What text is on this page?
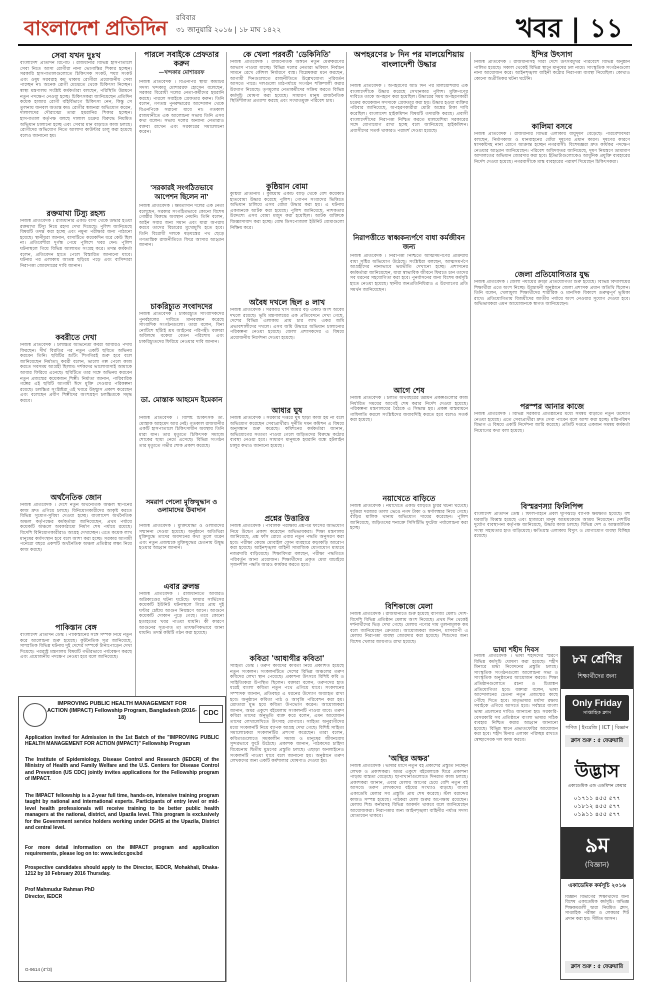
বাংলাদেশ প্রতিদিন রবিবার
৩১ জানুয়ারি ২০১৬ | ১৮ মাঘ ১৪২২	খবর | ১১
সেবা যখন দুঃখ
বাংলাদেশ প্রতিদিন রিপোর্ট । রাজধানীর বিভিন্ন হাসপাতালে সেবা নিতে আসা রোগীরা নানা ভোগান্তির শিকার হচ্ছেন। সরকারি হাসপাতালগুলোতে চিকিৎসক সংকট, শয্যা সংকট এবং ওষুধ সরবরাহ কম থাকায় রোগীরা প্রয়োজনীয় সেবা পাচ্ছেন না। অনেক রোগী মেঝেতে থেকে চিকিৎসা নিচ্ছেন। স্বাস্থ্য মন্ত্রণালয় সংশ্লিষ্ট কর্মকর্তারা বলছেন, পরিস্থিতি উন্নয়নে নতুন পদক্ষেপ নেওয়া হচ্ছে। চিকিৎসকরা জানিয়েছেন প্রতিদিন কয়েক হাজার রোগী বহির্বিভাগে চিকিৎসা নেন, কিন্তু সে তুলনায় জনবল অত্যন্ত কম। রোগীর স্বজনরা অভিযোগ করেন, দালালদের দৌরাত্ম্যে তারা হয়রানির শিকার হচ্ছেন। হাসপাতাল কর্তৃপক্ষ বলছে দালাল চক্রের বিরুদ্ধে নিয়মিত অভিযান চালানো হচ্ছে এবং সেবার মান বাড়াতে কাজ চলছে। রোগীদের অভিযোগ নিতে আলাদা কাউন্টার চালু করা হয়েছে বলেও জানানো হয়।
রক্তমাখা টিস্যু রহস্য
নিজস্ব প্রতিবেদক । রাজধানীর একটি বাসা থেকে উদ্ধার হওয়া রক্তমাখা টিস্যু নিয়ে রহস্য দেখা দিয়েছে। পুলিশ জানিয়েছে বিষয়টি তদন্ত করা হচ্ছে এবং নমুনা পরীক্ষার জন্য পাঠানো হয়েছে। স্থানীয়রা জানান, বাসাটিতে কয়েকদিন ধরে কেউ ছিল না। প্রতিবেশীরা দুর্গন্ধ পেয়ে পুলিশে খবর দেন। পুলিশ ঘটনাস্থলে গিয়ে বিভিন্ন আলামত সংগ্রহ করে। তদন্ত কর্মকর্তা বলেন, প্রতিবেদন হাতে পেলে বিস্তারিত জানানো যাবে। ঘটনার পর এলাকায় আতঙ্ক ছড়িয়ে পড়ে এবং বাসিন্দারা নিরাপত্তা জোরদারের দাবি জানান।
কবরীতে দেখা
নিজস্ব প্রতিবেদক । চলচ্চিত্র অভিনেত্রী কবরী আবারও পর্দায় ফিরছেন। দীর্ঘ বিরতির পর নতুন একটি ছবিতে অভিনয় করবেন তিনি। ছবিটির শুটিং শিগগিরই শুরু হবে বলে জানিয়েছেন নির্মাতা। কবরী বলেন, ভালো গল্প পেলে কাজ করতে সবসময় আগ্রহী ছিলাম। দর্শকদের ভালোবাসাই আমাকে আবার ফিরিয়ে এনেছে। ছবিটিতে তার সঙ্গে অভিনয় করবেন নতুন প্রজন্মের কয়েকজন শিল্পী। নির্মাতা জানান, পারিবারিক গল্পের এই ছবিটি আগামী ঈদে মুক্তি দেওয়ার পরিকল্পনা রয়েছে। চলচ্চিত্র সংশ্লিষ্টরা এই খবরে উচ্ছ্বাস প্রকাশ করেছেন এবং বলেছেন প্রবীণ শিল্পীদের অংশগ্রহণ চলচ্চিত্রকে সমৃদ্ধ করবে।
অর্থনৈতিক জোন
নিজস্ব প্রতিবেদক । দেশে নতুন অর্থনৈতিক অঞ্চল স্থাপনের কাজ দ্রুত এগিয়ে চলছে। বিনিয়োগকারীদের আকৃষ্ট করতে বিভিন্ন সুযোগ-সুবিধা দেওয়া হচ্ছে। বাংলাদেশ অর্থনৈতিক অঞ্চল কর্তৃপক্ষের কর্মকর্তারা জানিয়েছেন, প্রথম পর্যায়ে কয়েকটি অঞ্চলে অবকাঠামো নির্মাণ শেষ পর্যায়ে রয়েছে। বিদেশি বিনিয়োগকারীরাও আগ্রহ দেখাচ্ছেন। এতে কয়েক লাখ মানুষের কর্মসংস্থান হবে বলে আশা করা হচ্ছে। সরকার আগামী পনেরো বছরে একশটি অর্থনৈতিক অঞ্চল প্রতিষ্ঠার লক্ষ্য নিয়ে কাজ করছে।
পাকিস্তান বেঙ্গ
বাংলাদেশ প্রতিদিন ডেস্ক । পাকিস্তানের সঙ্গে সম্পর্ক নিয়ে নতুন করে আলোচনা শুরু হয়েছে। কূটনৈতিক সূত্র জানিয়েছে, সাম্প্রতিক বিভিন্ন ঘটনায় দুই দেশের সম্পর্কে টানাপোড়েন দেখা দিয়েছে। পররাষ্ট্র মন্ত্রণালয় বিষয়টি গভীরভাবে পর্যবেক্ষণ করছে এবং প্রয়োজনীয় পদক্ষেপ নেওয়া হবে বলে জানিয়েছে।
পারলে সবাইকে প্রেফতার করুন
—খন্দকার মোশাররফ
নিজস্ব প্রতিবেদক । বিএনপির স্থায়ী কমিটির সদস্য খন্দকার মোশাররফ হোসেন বলেছেন, সরকার বিরোধী দলের নেতা-কর্মীদের হয়রানি করছে। পারলে সবাইকে গ্রেফতার করুন। তিনি বলেন, গণতন্ত্র পুনরুদ্ধারের আন্দোলন থেকে বিএনপিকে সরানো যাবে না। গতকাল রাজধানীতে এক আলোচনা সভায় তিনি এসব কথা বলেন। সভায় দলের অন্যান্য নেতারাও বক্তব্য রাখেন এবং সরকারের সমালোচনা করেন।
'সরকারই সংগঠিতভাবে আপেশন ছিলেন না'
নিজস্ব প্রতিবেদক । ক্ষমতাসীন দলের এক নেতা বলেছেন, সরকার সংগঠিতভাবে কোনো বিশেষ গোষ্ঠীর বিরুদ্ধে অবস্থান নেয়নি। তিনি বলেন, আইন সবার জন্য সমান এবং যারা অপরাধ করবে তাদের বিচারের মুখোমুখি হতে হবে। তিনি বিরোধী দলকে ষড়যন্ত্রের পথ ছেড়ে গণতান্ত্রিক রাজনীতিতে ফিরে আসার আহ্বান জানান।
চাকরিচ্যুত সংবাদদের
নিজস্ব প্রতিবেদক । চাকরিচ্যুত সাংবাদিকদের পুনর্বহালের দাবিতে মানববন্ধন করেছে সাংবাদিক সংগঠনগুলো। তারা বলেন, বিনা নোটিশে ছাঁটাই শ্রম আইনের পরিপন্থী। বক্তারা অবিলম্বে বকেয়া বেতন পরিশোধ এবং চাকরিচ্যুতদের ফিরিয়ে নেওয়ার দাবি জানান।
ডা. মোস্তাক আহমেদ ইমেকান
নিজস্ব প্রতিবেদক । বিশিষ্ট চিকিৎসক ডা. মোস্তাক আহমেদ আর নেই। গতকাল রাজধানীর একটি হাসপাতালে চিকিৎসাধীন অবস্থায় তিনি মারা যান। তার মৃত্যুতে চিকিৎসক সমাজে শোকের ছায়া নেমে এসেছে। বিভিন্ন সংগঠন তার মৃত্যুতে গভীর শোক প্রকাশ করেছে।
সমরাণ পেলো মুক্তিযুদ্ধান ও ওলামাদের উবাদান
নিজস্ব প্রতিবেদক । মুক্তিযোদ্ধা ও ওলামাদের সম্মাননা দেওয়া হয়েছে। অনুষ্ঠানে অতিথিরা মুক্তিযুদ্ধে তাদের অবদানের কথা তুলে ধরেন এবং নতুন প্রজন্মকে মুক্তিযুদ্ধের চেতনায় উদ্বুদ্ধ হওয়ার আহ্বান জানান।
এবার ব্রুলন্ত
নিজস্ব প্রতিবেদক । রাজধানীতে আবারও অগ্নিকাণ্ডের ঘটনা ঘটেছে। ফায়ার সার্ভিসের কয়েকটি ইউনিট ঘটনাস্থলে গিয়ে প্রায় দুই ঘণ্টার চেষ্টায় আগুন নিয়ন্ত্রণে আনে। আগুনে কয়েকটি দোকান পুড়ে গেছে। তবে কোনো হতাহতের খবর পাওয়া যায়নি। কী কারণে আগুনের সূত্রপাত তা তাৎক্ষণিকভাবে জানা যায়নি। তদন্ত কমিটি গঠন করা হয়েছে।
কে খেলা পরবর্তী 'ডেকিনিতি'
নিজস্ব প্রতিবেদক । রাজনৈতিক অঙ্গনে নতুন মেরুকরণের আভাস পাওয়া যাচ্ছে। বিভিন্ন দলের নেতারা ভবিষ্যৎ নির্বাচন সামনে রেখে কৌশল নির্ধারণে ব্যস্ত। বিশ্লেষকরা মনে করছেন, আগামী দিনগুলোতে রাজনীতিতে উল্লেখযোগ্য পরিবর্তন আসতে পারে। দলগুলো মাঠপর্যায়ে সংগঠন শক্তিশালী করার উদ্যোগ নিয়েছে। তৃণমূলের নেতাকর্মীদের সক্রিয় করতে বিভিন্ন কর্মসূচি ঘোষণা করা হয়েছে। সাধারণ মানুষ রাজনৈতিক স্থিতিশীলতা প্রত্যাশা করছে এবং সংঘাতমুক্ত পরিবেশ চায়।
কুষ্ঠিয়ান বোমা
কুষ্টিয়া প্রতিনিধি । কুষ্টিয়ায় একটি বাড়ি থেকে বেশ কয়েকটি হাতবোমা উদ্ধার করেছে পুলিশ। গোপন সংবাদের ভিত্তিতে অভিযান চালিয়ে এসব বোমা উদ্ধার করা হয়। এ ঘটনায় একজনকে আটক করা হয়েছে। পুলিশ জানিয়েছে, নাশকতার উদ্দেশ্যে এসব বোমা মজুদ করা হয়েছিল। আটক ব্যক্তিকে জিজ্ঞাসাবাদ করা হচ্ছে। বোম্ব ডিসপোজাল ইউনিট বোমাগুলো নিষ্ক্রিয় করে।
অবৈধ দখলে ছিল ৪ লাখ
নিজস্ব প্রতিবেদক । সরকারি খাস জমির বড় একটি অংশ অবৈধ দখলে রয়েছে। ভূমি মন্ত্রণালয়ের এক প্রতিবেদনে দেখা গেছে, দেশের বিভিন্ন এলাকায় প্রায় চার লাখ একর জমি প্রভাবশালীদের দখলে। এসব জমি উদ্ধারে অভিযান চালানোর পরিকল্পনা নেওয়া হয়েছে। জেলা প্রশাসকদের এ বিষয়ে প্রয়োজনীয় নির্দেশনা দেওয়া হয়েছে।
আধার ঘুষ
নিজস্ব প্রতিবেদক । সরকারি দপ্তরে ঘুষ ছাড়া কাজ হয় না বলে অভিযোগ করেছেন সেবাপ্রার্থীরা। দুর্নীতি দমন কমিশন এ বিষয়ে অনুসন্ধান শুরু করেছে। কমিশনের কর্মকর্তারা জানান, অভিযোগের সত্যতা পাওয়া গেলে জড়িতদের বিরুদ্ধে কঠোর ব্যবস্থা নেওয়া হবে। সাধারণ মানুষকে হয়রানি বন্ধে হটলাইন চালুর কথাও জানানো হয়েছে।
প্রশ্নের উত্তারিত্ত
নিজস্ব প্রতিবেদক । পাবলিক পরীক্ষায় প্রশ্নপত্র ফাঁসের অভিযোগ নিয়ে উদ্বেগ প্রকাশ করেছেন অভিভাবকরা। শিক্ষা মন্ত্রণালয় জানিয়েছে, প্রশ্ন ফাঁস রোধে এবার নতুন পদ্ধতি অনুসরণ করা হবে। পরীক্ষা কেন্দ্রে মোবাইল ফোন ব্যবহারে কড়াকড়ি আরোপ করা হয়েছে। আইনশৃঙ্খলা বাহিনী সামাজিক যোগাযোগ মাধ্যমে নজরদারি বাড়িয়েছে। শিক্ষাবিদরা বলছেন, পরীক্ষা পদ্ধতিতে পরিবর্তন আনা প্রয়োজন। শিক্ষার্থীদের প্রকৃত মেধা যাচাইয়ে সৃজনশীল পদ্ধতি আরও কার্যকর করতে হবে।
কবিতা 'আধাগীর কবিতা'
সাহিত্য ডেস্ক । তরুণ কবিদের কবিতা নিয়ে প্রকাশিত হয়েছে নতুন সংকলন। সংকলনটিতে দেশের বিভিন্ন অঞ্চলের তরুণ কবিদের লেখা স্থান পেয়েছে। প্রকাশনা উৎসবে বিশিষ্ট কবি ও সাহিত্যিকরা উপস্থিত ছিলেন। বক্তারা বলেন, তরুণদের হাত ধরেই বাংলা কবিতা নতুন পথে এগিয়ে যাবে। সংকলনের সম্পাদক জানান, প্রতিবছর এ ধরনের উদ্যোগ অব্যাহত রাখা হবে। অনুষ্ঠানে কবিতা পাঠ ও আবৃত্তি পরিবেশন করা হয়। শ্রোতারা মুগ্ধ হয়ে কবিতা উপভোগ করেন। আয়োজকরা জানান, অমর একুশে বইমেলায় সংকলনটি পাওয়া যাবে। তরুণ কবিরা তাদের অনুভূতি ব্যক্ত করে বলেন, এমন আয়োজন তাদের লেখালেখিতে উৎসাহ যোগাবে। সাহিত্য অনুরাগীদের মধ্যে সংকলনটি নিয়ে ব্যাপক আগ্রহ দেখা গেছে। বিশিষ্ট সাহিত্য সমালোচকরা সংকলনটির প্রশংসা করেছেন। তারা বলেন, কবিতাগুলোতে সমকালীন সমাজ ও মানুষের জীবনবোধ সুন্দরভাবে ফুটে উঠেছে। প্রকাশক জানান, পাঠকদের চাহিদা বিবেচনায় দ্বিতীয় মুদ্রণের প্রস্তুতি চলছে। এছাড়া অনলাইনেও সংকলনটি পাওয়া যাবে বলে জানানো হয়। অনুষ্ঠানে তরুণ লেখকদের জন্য একটি কর্মশালার ঘোষণাও দেওয়া হয়।
অপহরণের ৮ দিন পর মালয়েশিয়ায় বাংলাদেশী উদ্ধার
নিজস্ব প্রতিবেদক । অপহরণের আট দিন পর মালয়েশিয়ায় এক বাংলাদেশীকে উদ্ধার করেছে সেখানকার পুলিশ। মুক্তিপণের দাবিতে তাকে অপহরণ করা হয়েছিল। উদ্ধারের সময় অপহরণকারী চক্রের কয়েকজন সদস্যকে গ্রেফতার করা হয়। উদ্ধার হওয়া ব্যক্তির পরিবার জানিয়েছে, অপহরণকারীরা মোটা অঙ্কের টাকা দাবি করেছিল। বাংলাদেশ হাইকমিশন বিষয়টি তদারকি করছে। প্রবাসী বাংলাদেশীদের নিরাপত্তা নিশ্চিত করতে মালয়েশিয়া সরকারের সঙ্গে যোগাযোগ রাখা হচ্ছে বলে জানিয়েছে হাইকমিশন। প্রবাসীদের সতর্ক থাকারও পরামর্শ দেওয়া হয়েছে।
নিরাপত্তীতে স্বাধ্বকন্যর্পণে বাধা কর্মজীবন জন্য
নিজস্ব প্রতিবেদক । নিরাপত্তা নিশ্চিতে আত্মসমর্পণের প্রক্রিয়ায় বাধা সৃষ্টির অভিযোগ উঠেছে। সংশ্লিষ্টরা বলছেন, আত্মসমর্পণে আগ্রহীদের নানাভাবে ভয়ভীতি দেখানো হচ্ছে। প্রশাসনের কর্মকর্তারা জানিয়েছেন, যারা স্বাভাবিক জীবনে ফিরতে চান তাদের সব ধরনের সহযোগিতা করা হবে। পুনর্বাসনের জন্য বিশেষ কর্মসূচি হাতে নেওয়া হয়েছে। স্থানীয় জনপ্রতিনিধিরাও এ উদ্যোগের প্রতি সমর্থন জানিয়েছেন।
আগে শেষ
নিজস্ব প্রতিবেদক । চলতি অর্থবছরের উন্নয়ন প্রকল্পগুলোর কাজ নির্ধারিত সময়ের আগেই শেষ করার নির্দেশ দেওয়া হয়েছে। পরিকল্পনা মন্ত্রণালয়ের বৈঠকে এ সিদ্ধান্ত হয়। প্রকল্প বাস্তবায়নে গাফিলতি করলে সংশ্লিষ্টদের জবাবদিহি করতে হবে বলেও সতর্ক করা হয়েছে।
নয়াখেতে বাড়িতে
নিজস্ব প্রতিবেদক । নয়াখেতে একটি বাড়িতে চুরির ঘটনা ঘটেছে। দুর্বৃত্তরা দরজার তালা ভেঙে নগদ টাকা ও স্বর্ণালঙ্কার নিয়ে গেছে। বাড়ির মালিক থানায় অভিযোগ দায়ের করেছেন। পুলিশ জানিয়েছে, জড়িতদের শনাক্তে সিসিটিভি ফুটেজ পর্যালোচনা করা হচ্ছে।
বিশিকাজে মেলা
নিজস্ব প্রতিবেদক । রাজধানীতে শুরু হয়েছে বাণিজ্য মেলা। দেশি-বিদেশি বিভিন্ন প্রতিষ্ঠান মেলায় অংশ নিয়েছে। প্রথম দিন থেকেই দর্শনার্থীদের ভিড় দেখা গেছে। মেলায় পণ্যের দাম তুলনামূলক কম বলে জানিয়েছেন ক্রেতারা। আয়োজকরা জানান, মাসব্যাপী এ মেলায় নিরাপত্তা ব্যবস্থা জোরদার করা হয়েছে। শিশুদের জন্য বিশেষ খেলার জায়গাও রাখা হয়েছে।
'অস্থির অক্ষর'
নিজস্ব প্রতিবেদক । ভাষার মাসে নতুন বই প্রকাশের প্রস্তুতি নিচ্ছেন লেখক ও প্রকাশকরা। অমর একুশে বইমেলাকে ঘিরে প্রকাশনা পাড়ায় ব্যস্ততা বেড়েছে। ছাপাখানাগুলোতে দিনরাত কাজ চলছে। প্রকাশকরা জানান, এবার মেলায় আগের চেয়ে বেশি নতুন বই আসবে। তরুণ লেখকদের বইয়ের সংখ্যাও বাড়ছে। বাংলা একাডেমি মেলার সব প্রস্তুতি প্রায় শেষ করেছে। স্টল বরাদ্দের কাজও সম্পন্ন হয়েছে। পাঠকরা মেলা শুরুর অপেক্ষায় রয়েছেন। মেলায় শিশু কর্নারসহ বিভিন্ন আকর্ষণ থাকবে বলে জানিয়েছেন আয়োজকরা। নিরাপত্তার জন্য আইনশৃঙ্খলা বাহিনীর পর্যাপ্ত সদস্য মোতায়েন থাকবে।
ইন্দির উৎসাগ
নিজস্ব প্রতিবেদক । রাজধানীসহ সারা দেশে উৎসবমুখর পরিবেশে বিভিন্ন অনুষ্ঠান পালিত হয়েছে। সকাল থেকেই বিভিন্ন স্থানে মানুষের ঢল নামে। সাংস্কৃতিক সংগঠনগুলো নানা আয়োজন করে। আইনশৃঙ্খলা বাহিনী কঠোর নিরাপত্তা ব্যবস্থা নিয়েছিল। কোথাও কোনো অপ্রীতিকর ঘটনা ঘটেনি।
কালিমা বসবে
নিজস্ব প্রতিবেদক । রাজধানীর বিভিন্ন এলাকায় বায়ুদূষণ বেড়েছে। পরিবেশবিদরা বলছেন, নির্মাণকাজ ও যানবাহনের ধোঁয়া দূষণের প্রধান কারণ। দূষণের কারণে শ্বাসকষ্টসহ নানা রোগে আক্রান্ত হচ্ছেন নগরবাসী। বিশেষজ্ঞরা দ্রুত কার্যকর পদক্ষেপ নেওয়ার আহ্বান জানিয়েছেন। পরিবেশ অধিদফতর জানিয়েছে, দূষণ নিয়ন্ত্রণে ভ্রাম্যমাণ আদালতের অভিযান জোরদার করা হবে। ইটভাটাগুলোকেও আধুনিক প্রযুক্তি ব্যবহারের নির্দেশ দেওয়া হয়েছে। নগরবাসীকে মাস্ক ব্যবহারের পরামর্শ দিয়েছেন চিকিৎসকরা।
জেলা প্রতিযোগিতার যুদ্ধ
নিজস্ব প্রতিবেদক । জেলা পর্যায়ের ক্রীড়া প্রতিযোগিতা শুরু হয়েছে। বিভিন্ন বিদ্যালয়ের শিক্ষার্থীরা এতে অংশ নিচ্ছে। উদ্বোধনী অনুষ্ঠানে জেলা প্রশাসক প্রধান অতিথি ছিলেন। তিনি বলেন, খেলাধুলা শিক্ষার্থীদের শারীরিক ও মানসিক বিকাশে গুরুত্বপূর্ণ ভূমিকা রাখে। প্রতিযোগিতায় বিজয়ীদের জাতীয় পর্যায়ে অংশ নেওয়ার সুযোগ দেওয়া হবে। অভিভাবকরা এমন আয়োজনকে স্বাগত জানিয়েছেন।
পরস্পর আনার কাজে
নিজস্ব প্রতিবেদক । বিভিন্ন সরকারি প্রতিষ্ঠানের মধ্যে সমন্বয় বাড়াতে নতুন উদ্যোগ নেওয়া হয়েছে। এতে সেবাপ্রার্থীরা দ্রুত সেবা পাবেন বলে আশা করা হচ্ছে। মন্ত্রিপরিষদ বিভাগ এ বিষয়ে একটি নির্দেশনা জারি করেছে। প্রতিটি দপ্তরে একজন সমন্বয় কর্মকর্তা নিয়োগের কথা বলা হয়েছে।
বিস্মরণস্যা ফিলিপিন্স
বাংলাদেশ প্রতিদিন ডেস্ক । ফিলিপাইনে প্রবল ঘূর্ণিঝড়ে ব্যাপক ক্ষয়ক্ষতি হয়েছে। বহু ঘরবাড়ি বিধ্বস্ত হয়েছে এবং হাজারো মানুষ আশ্রয়কেন্দ্রে আশ্রয় নিয়েছেন। দেশটির দুর্যোগ ব্যবস্থাপনা কর্তৃপক্ষ জানিয়েছে, উদ্ধার কাজ চলছে। বিভিন্ন দেশ ও আন্তর্জাতিক সংস্থা সহায়তার হাত বাড়িয়েছে। ক্ষতিগ্রস্ত এলাকায় বিদ্যুৎ ও যোগাযোগ ব্যবস্থা বিচ্ছিন্ন রয়েছে।
ভাষা শহীদ দিবস
নিজস্ব প্রতিবেদক । ভাষা শহীদদের স্মরণে বিভিন্ন কর্মসূচি ঘোষণা করা হয়েছে। শহীদ মিনারে শ্রদ্ধা নিবেদনের প্রস্তুতি চলছে। সাংস্কৃতিক সংগঠনগুলো আলোচনা সভা ও সাংস্কৃতিক অনুষ্ঠানের আয়োজন করবে। শিক্ষা প্রতিষ্ঠানগুলোতে রচনা ও চিত্রাঙ্কন প্রতিযোগিতা হবে। বক্তারা বলেন, ভাষা আন্দোলনের চেতনা নতুন প্রজন্মের কাছে পৌঁছে দিতে হবে। মাতৃভাষার মর্যাদা রক্ষায় সবাইকে এগিয়ে আসতে হবে। সর্বস্তরে বাংলা ভাষা প্রচলনের দাবিও জানানো হয়। সরকারি-বেসরকারি সব প্রতিষ্ঠানে বাংলা ভাষার সঠিক ব্যবহার নিশ্চিত করার আহ্বান জানানো হয়েছে। বিভিন্ন স্থানে প্রভাতফেরির আয়োজন করা হবে। শহীদ মিনার এলাকা পরিচ্ছন্ন রাখতে স্বেচ্ছাসেবক দল কাজ করবে।
৮ম শ্রেণির
শিক্ষার্থীদের জন্য
Only Friday
সাপ্তাহিক ক্লাস
গণিত | ইংরেজি | ICT | বিজ্ঞান
ক্লাস শুরু : ৫ ফেব্রুয়ারি
উদ্ভাস
একাডেমিক এন্ড এডমিশন কেয়ার
০১৭১১ ৪৫৫ ৫৭৭
০১৮১২ ৪৫৫ ৫৭৭
০১৯১১ ৪৫৫ ৫৭৭
৯ম
(বিজ্ঞান)
একাডেমিক কর্মসূচি ২০১৬
বিজ্ঞান বিভাগের শিক্ষার্থীদের জন্য বিশেষ একাডেমিক কর্মসূচি। অভিজ্ঞ শিক্ষকমণ্ডলী দ্বারা নিয়মিত ক্লাস, সাপ্তাহিক পরীক্ষা ও লেকচার শিট প্রদান করা হয়। সীমিত আসন।
ক্লাস শুরু : ৫ ফেব্রুয়ারি
IMPROVING PUBLIC HEALTH MANAGEMENT FOR ACTION (IMPACT) Fellowship Program, Bangladesh (2016-18)
CDC
Application invited for Admission in the 1st Batch of the "IMPROVING PUBLIC HEALTH MANAGEMENT FOR ACTION (IMPACT)" Fellowship Program
The Institute of Epidemiology, Disease Control and Research (IEDCR) of the Ministry of Health and Family Welfare and the U.S. Centers for Disease Control and Prevention (US CDC) jointly invites applications for the Fellowship program of IMPACT.
The IMPACT fellowship is a 2-year full time, hands-on, intensive training program taught by national and international experts. Participants of entry level or mid-level health professionals will receive training to be better public health managers at the national, district, and Upazila level. This program is exclusively for the Government service holders working under DGHS at the Upazila, District and central level.
For more detail information on the IMPACT program and application requirements, please log on to: www.iedcr.gov.bd
Prospective candidates should apply to the Director, IEDCR, Mohakhali, Dhaka-1212 by 10 February 2016 Thursday.
Prof Mahmudur Rahman PhD
Director, IEDCR
G-9614 (4"/3)
